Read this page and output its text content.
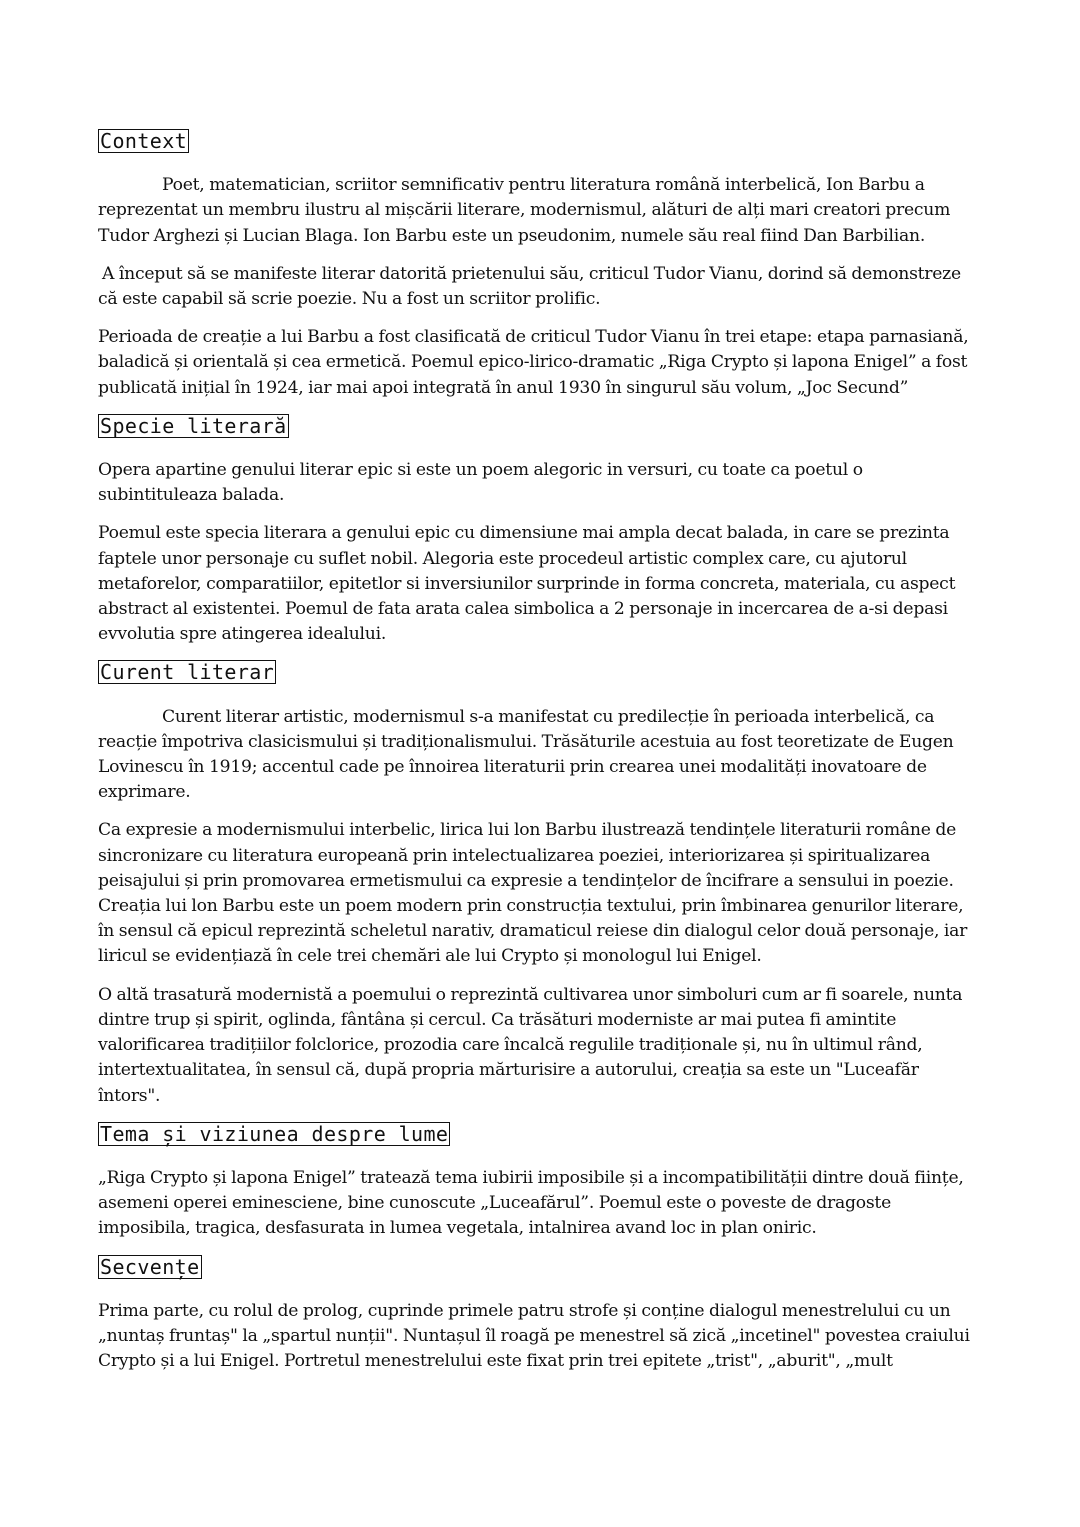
Context
Poet, matematician, scriitor semnificativ pentru literatura română interbelică, Ion Barbu a
reprezentat un membru ilustru al mișcării literare, modernismul, alături de alți mari creatori precum
Tudor Arghezi și Lucian Blaga. Ion Barbu este un pseudonim, numele său real fiind Dan Barbilian.
A început să se manifeste literar datorită prietenului său, criticul Tudor Vianu, dorind să demonstreze
că este capabil să scrie poezie. Nu a fost un scriitor prolific.
Perioada de creație a lui Barbu a fost clasificată de criticul Tudor Vianu în trei etape: etapa parnasiană,
baladică și orientală și cea ermetică. Poemul epico-lirico-dramatic „Riga Crypto și lapona Enigel” a fost
publicată inițial în 1924, iar mai apoi integrată în anul 1930 în singurul său volum, „Joc Secund”
Specie literară
Opera apartine genului literar epic si este un poem alegoric in versuri, cu toate ca poetul o
subintituleaza balada.
Poemul este specia literara a genului epic cu dimensiune mai ampla decat balada, in care se prezinta
faptele unor personaje cu suflet nobil. Alegoria este procedeul artistic complex care, cu ajutorul
metaforelor, comparatiilor, epitetlor si inversiunilor surprinde in forma concreta, materiala, cu aspect
abstract al existentei. Poemul de fata arata calea simbolica a 2 personaje in incercarea de a-si depasi
evvolutia spre atingerea idealului.
Curent literar
Curent literar artistic, modernismul s-a manifestat cu predilecție în perioada interbelică, ca
reacție împotriva clasicismului și tradiționalismului. Trăsăturile acestuia au fost teoretizate de Eugen
Lovinescu în 1919; accentul cade pe înnoirea literaturii prin crearea unei modalități inovatoare de
exprimare.
Ca expresie a modernismului interbelic, lirica lui lon Barbu ilustrează tendințele literaturii române de
sincronizare cu literatura europeană prin intelectualizarea poeziei, interiorizarea și spiritualizarea
peisajului și prin promovarea ermetismului ca expresie a tendințelor de încifrare a sensului in poezie.
Creația lui lon Barbu este un poem modern prin construcția textului, prin îmbinarea genurilor literare,
în sensul că epicul reprezintă scheletul narativ, dramaticul reiese din dialogul celor două personaje, iar
liricul se evidențiază în cele trei chemări ale lui Crypto și monologul lui Enigel.
O altă trasatură modernistă a poemului o reprezintă cultivarea unor simboluri cum ar fi soarele, nunta
dintre trup și spirit, oglinda, fântâna și cercul. Ca trăsături moderniste ar mai putea fi amintite
valorificarea tradițiilor folclorice, prozodia care încalcă regulile tradiționale și, nu în ultimul rând,
intertextualitatea, în sensul că, după propria mărturisire a autorului, creația sa este un "Luceafăr
întors".
Tema și viziunea despre lume
„Riga Crypto și lapona Enigel” tratează tema iubirii imposibile și a incompatibilității dintre două ființe,
asemeni operei eminesciene, bine cunoscute „Luceafărul”. Poemul este o poveste de dragoste
imposibila, tragica, desfasurata in lumea vegetala, intalnirea avand loc in plan oniric.
Secvențe
Prima parte, cu rolul de prolog, cuprinde primele patru strofe și conține dialogul menestrelului cu un
„nuntaș fruntaș" la „spartul nunții". Nuntașul îl roagă pe menestrel să zică „incetinel" povestea craiului
Crypto și a lui Enigel. Portretul menestrelului este fixat prin trei epitete „trist", „aburit", „mult
